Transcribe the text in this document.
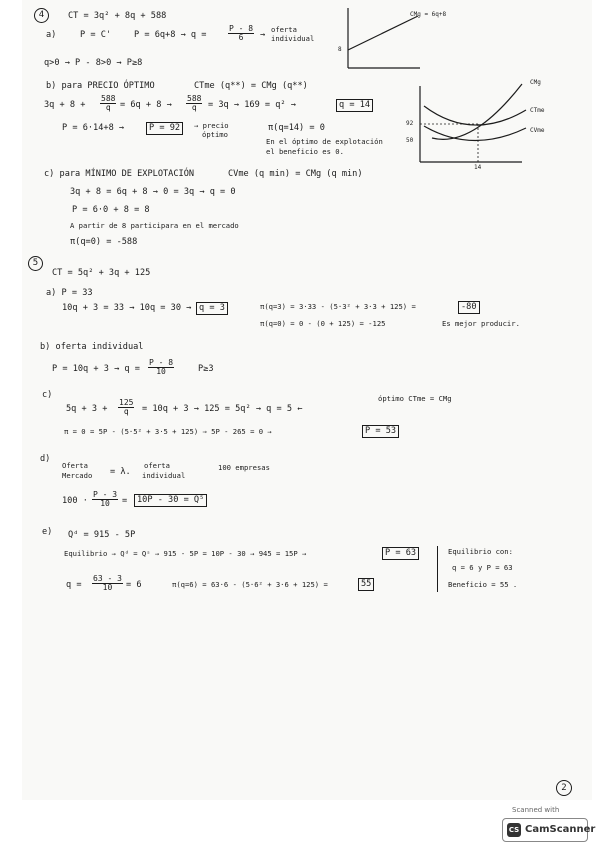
4	CT = 3q² + 8q + 588
a)	P = C'	P = 6q+8 → q =	$\frac{P - 8}{6}$ →
oferta
individual
q>0 → P - 8>0 → P≥8
CMg = 6q+8
8
b) para PRECIO ÓPTIMO	CTme (q**) = CMg (q**)
$3q + 8 + \frac{588}{q} = 6q + 8 \to \frac{588}{q} = 3q \to 169 = q^2$ →	q = 14
P = 6·14+8 →	P = 92	→ precio
óptimo
π(q=14) = 0
En el óptimo de explotación
el beneficio es 0.
CMg
CTme
CVme
92
50
14
c) para MÍNIMO DE EXPLOTACIÓN	CVme (q min) = CMg (q min)
3q + 8 = 6q + 8 → 0 = 3q → q = 0
P = 6·0 + 8 = 8
A partir de 8 participara en el mercado
π(q=0) = -588
5
CT = 5q² + 3q + 125
a) P = 33
10q + 3 = 33 → 10q = 30 → q = 3	π(q=3) = 3·33 - (5·3² + 3·3 + 125) =	-80
π(q=0) = 0 - (0 + 125) = -125	Es mejor producir.
b) oferta individual
$P = 10q + 3 \to q = \frac{P - 8}{10}$	P≥3
c)
$5q + 3 + \frac{125}{q} = 10q + 3 \to 125 = 5q^2 \to q = 5$ ←
óptimo CTme = CMg
π = 0 = 5P - (5·5² + 3·5 + 125) ⇒ 5P - 265 = 0 →	P = 53
d)
Oferta
Mercado = λ.
oferta
individual
100 empresas
$100 \cdot \frac{P - 3}{10}$ =	10P - 30 = Q⁵
e) Qᵈ = 915 - 5P
Equilibrio → Qᵈ = Qˢ → 915 - 5P = 10P - 30 → 945 = 15P →	P = 63
$q = \frac{63 - 3}{10} = 6$	π(q=6) = 63·6 - (5·6² + 3·6 + 125) =	55
Equilibrio con:
q = 6 y P = 63
Beneficio = 55 .
2
Scanned with
CS CamScanner
